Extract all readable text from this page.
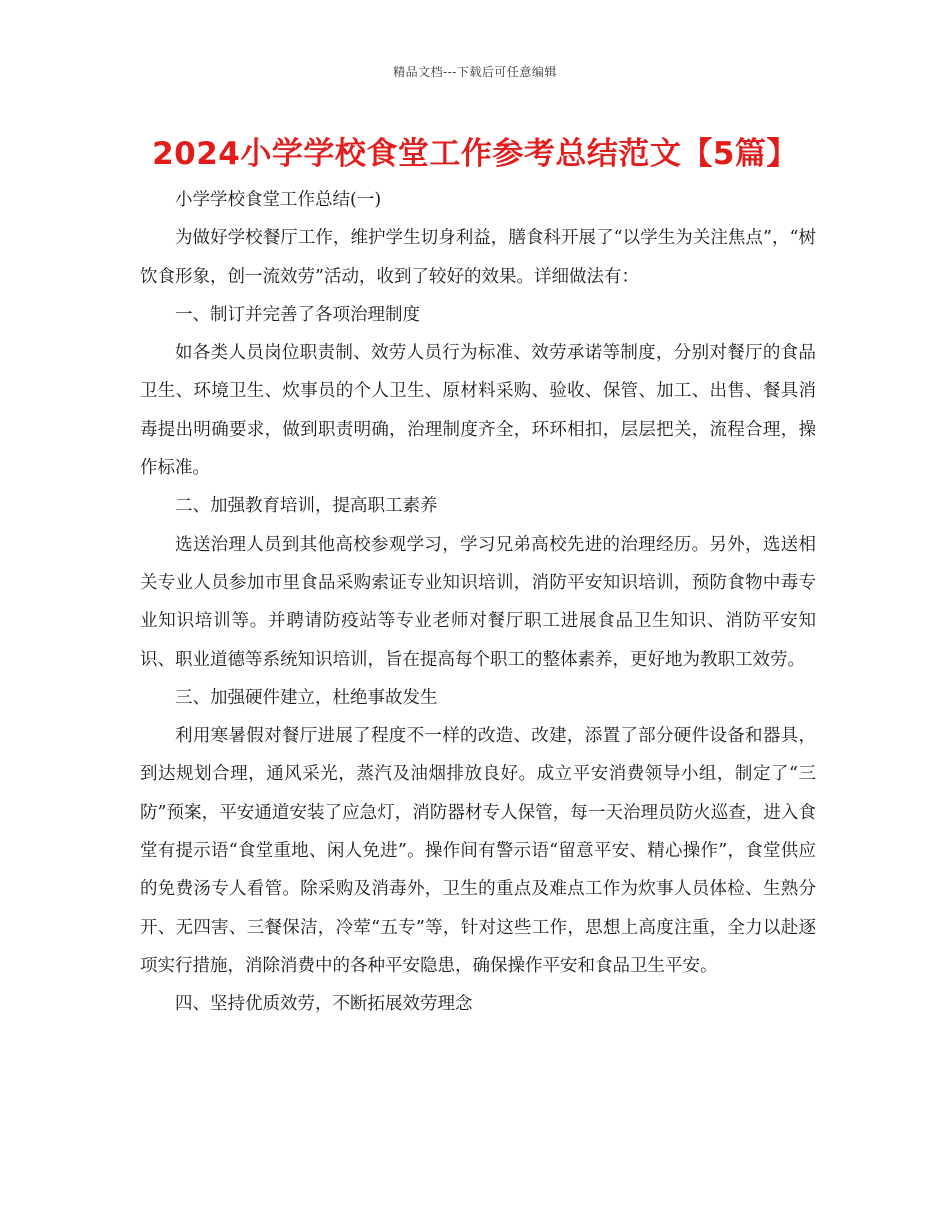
精品文档---下载后可任意编辑
2024小学学校食堂工作参考总结范文【5篇】

小学学校食堂工作总结(一)

为做好学校餐厅工作，维护学生切身利益，膳食科开展了“以学生为关注焦点”，“树饮食形象，创一流效劳”活动，收到了较好的效果。详细做法有：

一、制订并完善了各项治理制度

如各类人员岗位职责制、效劳人员行为标准、效劳承诺等制度，分别对餐厅的食品卫生、环境卫生、炊事员的个人卫生、原材料采购、验收、保管、加工、出售、餐具消毒提出明确要求，做到职责明确，治理制度齐全，环环相扣，层层把关，流程合理，操作标准。

二、加强教育培训，提高职工素养

选送治理人员到其他高校参观学习，学习兄弟高校先进的治理经历。另外，选送相关专业人员参加市里食品采购索证专业知识培训，消防平安知识培训，预防食物中毒专业知识培训等。并聘请防疫站等专业老师对餐厅职工进展食品卫生知识、消防平安知识、职业道德等系统知识培训，旨在提高每个职工的整体素养，更好地为教职工效劳。

三、加强硬件建立，杜绝事故发生

利用寒暑假对餐厅进展了程度不一样的改造、改建，添置了部分硬件设备和器具，到达规划合理，通风采光，蒸汽及油烟排放良好。成立平安消费领导小组，制定了“三防”预案，平安通道安装了应急灯，消防器材专人保管，每一天治理员防火巡查，进入食堂有提示语“食堂重地、闲人免进”。操作间有警示语“留意平安、精心操作”，食堂供应的免费汤专人看管。除采购及消毒外，卫生的重点及难点工作为炊事人员体检、生熟分开、无四害、三餐保洁，冷荤“五专”等，针对这些工作，思想上高度注重，全力以赴逐项实行措施，消除消费中的各种平安隐患，确保操作平安和食品卫生平安。

四、坚持优质效劳，不断拓展效劳理念
